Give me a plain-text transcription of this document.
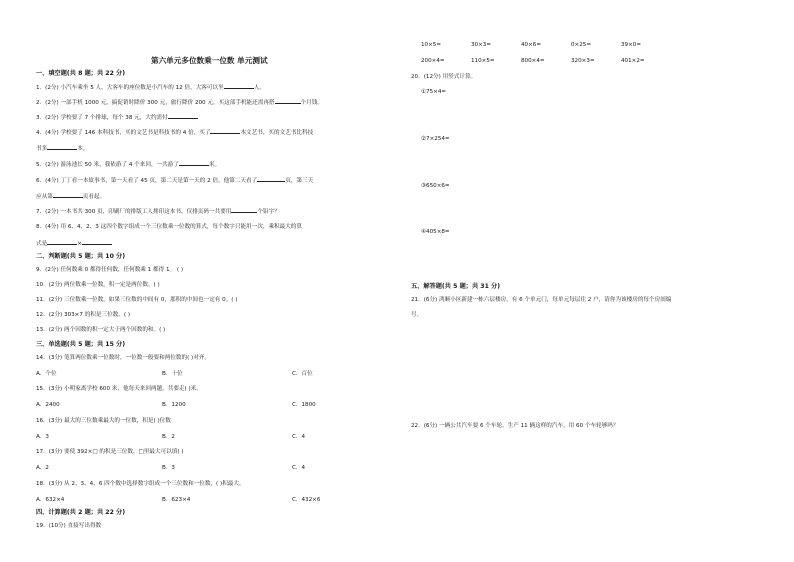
第六单元多位数乘一位数 单元测试
一、填空题(共 8 题；共 22 分)
1．(2分) 小汽车乘坐 5 人，大客车的座位数是小汽车的 12 倍，大客可以坐	人。
2．(2分) 一部手机 1000 元，搞促销时降价 300 元，旅行降价 200 元。买这部手机能还需再搭	个月钱。
3．(2分) 学校要了 7 个排球，每个 38 元，大约需付
4．(4分) 学校要了 146 本科技书，买的文艺书是科技书的 4 倍，买了	本文艺书，买的文艺书比科技
书多	本。
5．(2分) 游泳池长 50 米，我依游了 4 个来回，一共游了	米。
6．(4分) 丁丁看一本故事书，第一天看了 45 页，第二天是第一天的 2 倍，他第二天看了	页，第三天
应从第	页看起。
7．(2分) 一本书共 300 页，印刷厂的排版工人排印这本书，仅排页码一共要用	个铅字？
8．(4分) 用 6、4、2、3 这四个数字组成一个三位数乘一位数的算式，每个数字只能用一次，乘积最大的算
式是	×
二、判断题(共 5 题；共 10 分)
9．(2分) 任何数乘 0 都得任何数，任何数乘 1 都得 1。 ( )
10．(2分) 两位数乘一位数，积一定是两位数。( )
11．(2分) 三位数乘一位数，如果三位数的中间有 0，那积的中间也一定有 0。( )
12．(2分) 303×7 的积是三位数。( )
13．(2分) 两个因数的积一定大于两个因数的和。( )
三、单选题(共 5 题；共 15 分)
14．(3分) 笔算两位数乘一位数时，一位数一般要和两位数的( )对齐。
A．个位	B．十位	C．百位
15．(3分) 小明家离学校 600 米，他每天来回两趟，共要走( )米。
A．2400	B．1200	C．1800
16．(3分) 最大的三位数乘最大的一位数，积是( )位数
A．3	B．2	C．4
17．(3分) 要使 392×□ 的积是三位数，□里最大可以填( )
A．2	B．3	C．4
18．(3分) 从 2、3、4、6 四个数中选择数字组成一个三位数和一位数，( )积最大。
A．632×4	B．623×4	C．432×6
四、计算题(共 2 题；共 22 分)
19．(10分) 直接写出得数
10×5=	30×3=	40×6=	0×25=	39×0=
200×4=	110×5=	800×4=	320×3=	401×2=
20．(12分) 用竖式计算。
①75×4=
②7×254=
③650×6=
④405×8=
五、解答题(共 5 题；共 31 分)
21．(6分) 鸿顺小区新建一栋六层楼房，有 6 个单元门，每单元每层住 2 户，请你为该楼房的每个房间编
号。
22．(6分) 一辆公共汽车要 6 个车轮。生产 11 辆这样的汽车，用 60 个车轮够吗？
